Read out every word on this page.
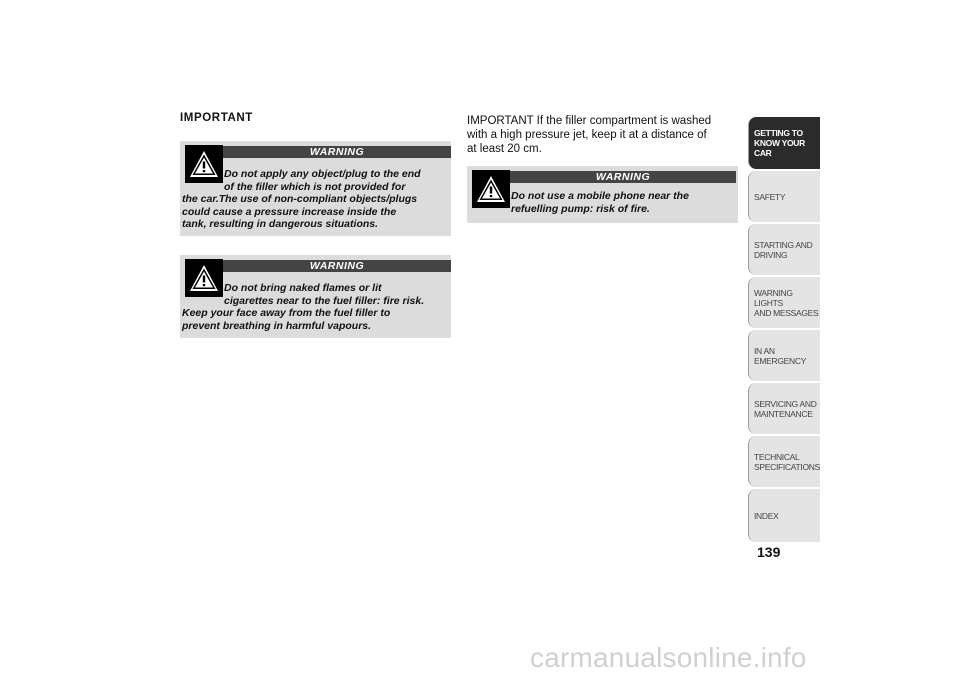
IMPORTANT
WARNING
Do not apply any object/plug to the end
of the filler which is not provided for
the car.The use of non-compliant objects/plugs
could cause a pressure increase inside the
tank, resulting in dangerous situations.
WARNING
Do not bring naked flames or lit
cigarettes near to the fuel filler: fire risk.
Keep your face away from the fuel filler to
prevent breathing in harmful vapours.
IMPORTANT If the filler compartment is washed
with a high pressure jet, keep it at a distance of
at least 20 cm.
WARNING
Do not use a mobile phone near the
refuelling pump: risk of fire.
GETTING TO
KNOW YOUR CAR
SAFETY
STARTING AND
DRIVING
WARNING LIGHTS
AND MESSAGES
IN AN EMERGENCY
SERVICING AND
MAINTENANCE
TECHNICAL
SPECIFICATIONS
INDEX
139
carmanualsonline.info
